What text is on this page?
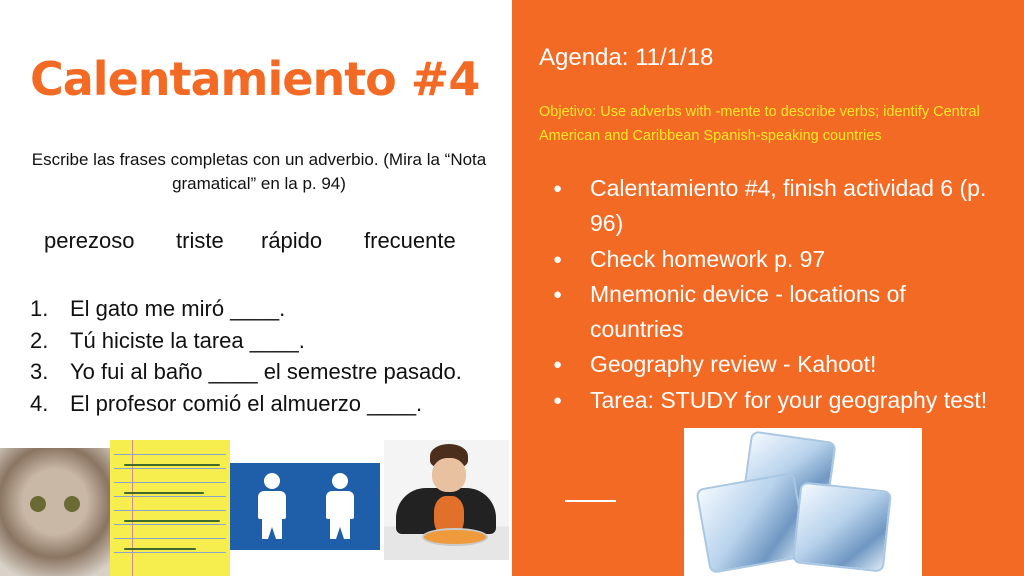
Calentamiento #4
Escribe las frases completas con un adverbio. (Mira la “Nota gramatical” en la p. 94)
perezoso triste rápido frecuente
1. El gato me miró ____.
2. Tú hiciste la tarea ____.
3. Yo fui al baño ____ el semestre pasado.
4. El profesor comió el almuerzo ____.
Agenda: 11/1/18
Objetivo: Use adverbs with -mente to describe verbs; identify Central American and Caribbean Spanish-speaking countries
● Calentamiento #4, finish actividad 6 (p. 96)
● Check homework p. 97
● Mnemonic device - locations of countries
● Geography review - Kahoot!
● Tarea: STUDY for your geography test!
